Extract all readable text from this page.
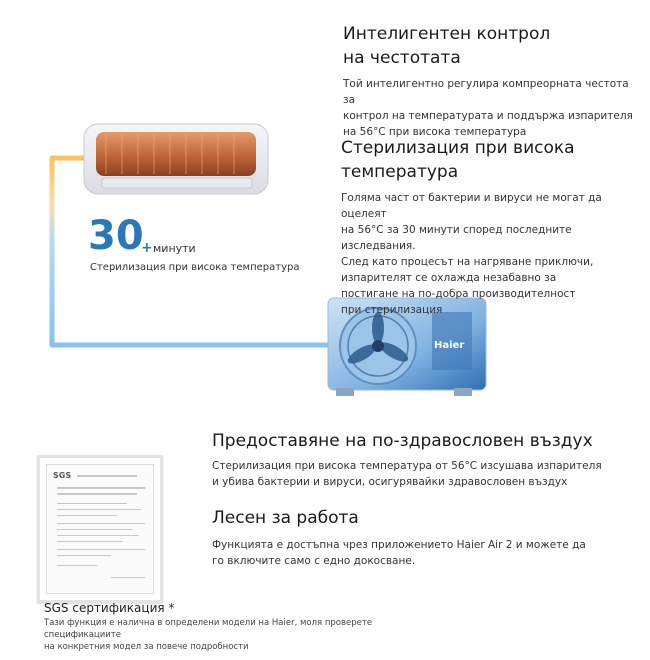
Haier

Интелигентен контрол

на честотата

Той интелигентно регулира компреорната честота за

контрол на температурата и поддържа изпарителя

на 56°C при висока температура

Стерилизация при висока

температура

Голяма част от бактерии и вируси не могат да оцелеят

на 56°C за 30 минути според последните изследвания.

След като процесът на нагряване приключи,

изпарителят се охлажда незабавно за

постигане на по-добра производителност

при стерилизация

30
+ минути
Стерилизация при висока температура

Предоставяне на по-здравословен въздух

Стерилизация при висока температура от 56°C изсушава изпарителя

и убива бактерии и вируси, осигурявайки здравословен въздух

Лесен за работа

Функцията е достъпна чрез приложението Haier Air 2 и можете да

го включите само с едно докосване.

SGS
SGS сертификация *
Тази функция е налична в определени модели на Haier, моля проверете спецификациите
на конкретния модел за повече подробности
